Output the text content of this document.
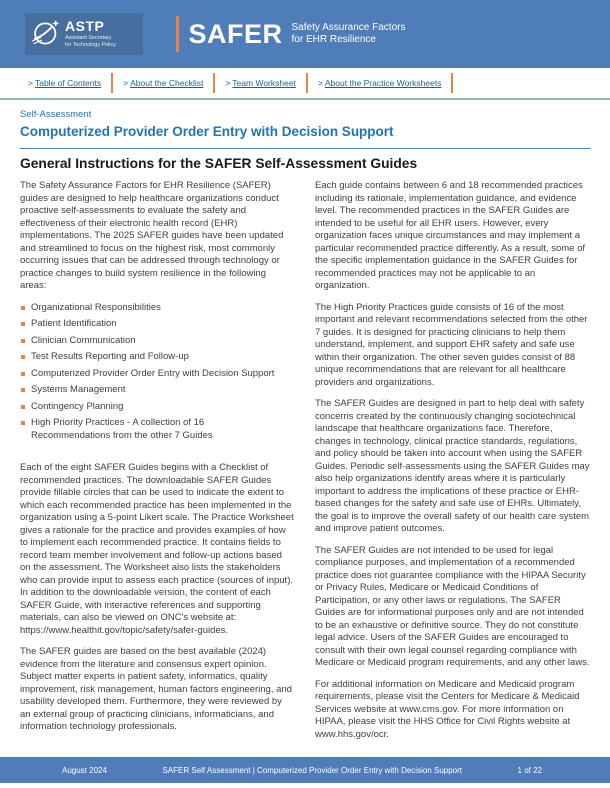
ASTP
Assistant Secretary
for Technology Policy	SAFER Safety Assurance Factors
for EHR Resilience
> Table of Contents	> About the Checklist	> Team Worksheet	> About the Practice Worksheets
Self-Assessment
Computerized Provider Order Entry with Decision Support
General Instructions for the SAFER Self-Assessment Guides

The Safety Assurance Factors for EHR Resilience (SAFER) guides are designed to help healthcare organizations conduct proactive self-assessments to evaluate the safety and effectiveness of their electronic health record (EHR) implementations. The 2025 SAFER guides have been updated and streamlined to focus on the highest risk, most commonly occurring issues that can be addressed through technology or practice changes to build system resilience in the following areas:

Organizational Responsibilities
Patient Identification
Clinician Communication
Test Results Reporting and Follow-up
Computerized Provider Order Entry with Decision Support
Systems Management
Contingency Planning
High Priority Practices - A collection of 16
Recommendations from the other 7 Guides

Each of the eight SAFER Guides begins with a Checklist of recommended practices. The downloadable SAFER Guides provide fillable circles that can be used to indicate the extent to which each recommended practice has been implemented in the organization using a 5-point Likert scale. The Practice Worksheet gives a rationale for the practice and provides examples of how to implement each recommended practice. It contains fields to record team member involvement and follow-up actions based on the assessment. The Worksheet also lists the stakeholders who can provide input to assess each practice (sources of input). In addition to the downloadable version, the content of each SAFER Guide, with interactive references and supporting materials, can also be viewed on ONC's website at: https://www.healthit.gov/topic/safety/safer-guides.

The SAFER guides are based on the best available (2024) evidence from the literature and consensus expert opinion. Subject matter experts in patient safety, informatics, quality improvement, risk management, human factors engineering, and usability developed them. Furthermore, they were reviewed by an external group of practicing clinicians, informaticians, and information technology professionals.

Each guide contains between 6 and 18 recommended practices including its rationale, implementation guidance, and evidence level. The recommended practices in the SAFER Guides are intended to be useful for all EHR users. However, every organization faces unique circumstances and may implement a particular recommended practice differently. As a result, some of the specific implementation guidance in the SAFER Guides for recommended practices may not be applicable to an organization.

The High Priority Practices guide consists of 16 of the most important and relevant recommendations selected from the other 7 guides. It is designed for practicing clinicians to help them understand, implement, and support EHR safety and safe use within their organization. The other seven guides consist of 88 unique recommendations that are relevant for all healthcare providers and organizations.

The SAFER Guides are designed in part to help deal with safety concerns created by the continuously changing sociotechnical landscape that healthcare organizations face. Therefore, changes in technology, clinical practice standards, regulations, and policy should be taken into account when using the SAFER Guides. Periodic self-assessments using the SAFER Guides may also help organizations identify areas where it is particularly important to address the implications of these practice or EHR-based changes for the safety and safe use of EHRs. Ultimately, the goal is to improve the overall safety of our health care system and improve patient outcomes.

The SAFER Guides are not intended to be used for legal compliance purposes, and implementation of a recommended practice does not guarantee compliance with the HIPAA Security or Privacy Rules, Medicare or Medicaid Conditions of Participation, or any other laws or regulations. The SAFER Guides are for informational purposes only and are not intended to be an exhaustive or definitive source. They do not constitute legal advice. Users of the SAFER Guides are encouraged to consult with their own legal counsel regarding compliance with Medicare or Medicaid program requirements, and any other laws.

For additional information on Medicare and Medicaid program requirements, please visit the Centers for Medicare & Medicaid Services website at www.cms.gov. For more information on HIPAA, please visit the HHS Office for Civil Rights website at www.hhs.gov/ocr.

August 2024	SAFER Self Assessment | Computerized Provider Order Entry with Decision Support	1 of 22
